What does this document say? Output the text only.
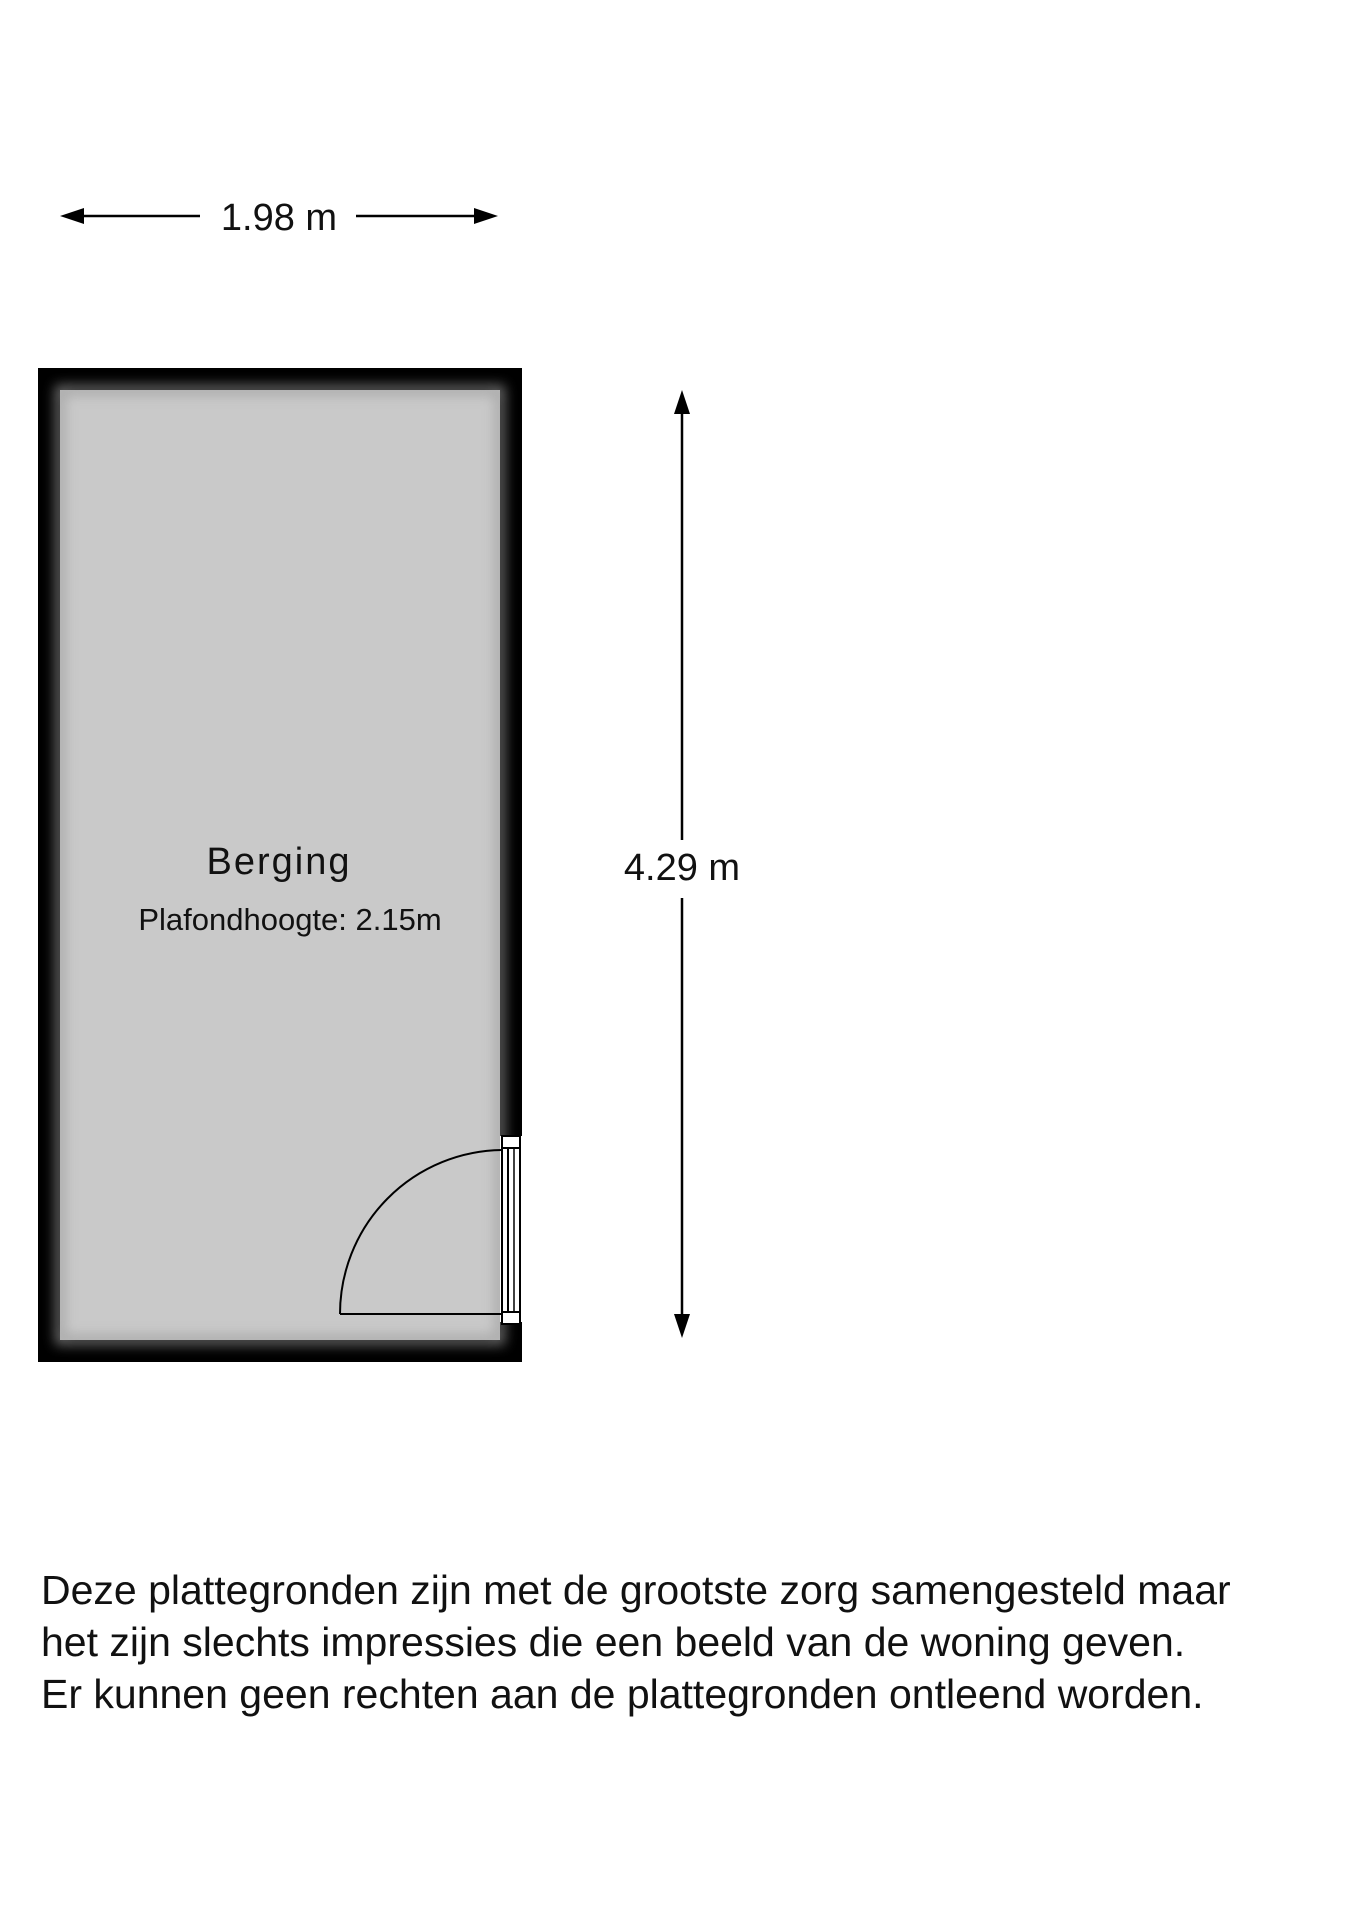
1.98 m
4.29 m
Berging
Plafondhoogte: 2.15m
Deze plattegronden zijn met de grootste zorg samengesteld maar
het zijn slechts impressies die een beeld van de woning geven.
Er kunnen geen rechten aan de plattegronden ontleend worden.
